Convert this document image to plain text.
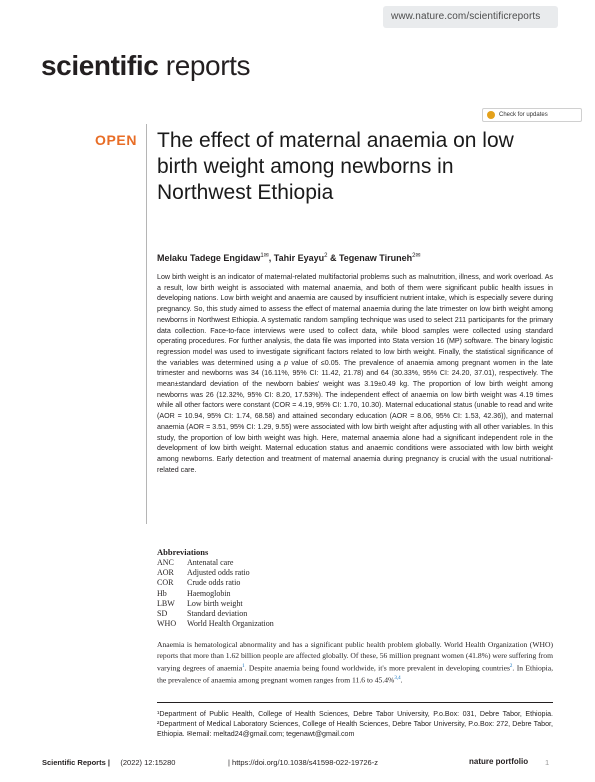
www.nature.com/scientificreports
scientific reports
Check for updates
OPEN The effect of maternal anaemia on low birth weight among newborns in Northwest Ethiopia
Melaku Tadege Engidaw$^{1✉}$, Tahir Eyayu$^2$ & Tegenaw Tiruneh$^{2✉}$
Low birth weight is an indicator of maternal-related multifactorial problems such as malnutrition, illness, and work overload. As a result, low birth weight is associated with maternal anaemia, and both of them were significant public health issues in developing nations. Low birth weight and anaemia are caused by insufficient nutrient intake, which is especially severe during pregnancy. So, this study aimed to assess the effect of maternal anaemia during the late trimester on low birth weight among newborns in Northwest Ethiopia. A systematic random sampling technique was used to select 211 participants for the primary data collection. Face-to-face interviews were used to collect data, while blood samples were collected using standard operating procedures. For further analysis, the data file was imported into Stata version 16 (MP) software. The binary logistic regression model was used to investigate significant factors related to low birth weight. Finally, the statistical significance of the variables was determined using a p value of ≤0.05. The prevalence of anaemia among pregnant women in the late trimester and newborns was 34 (16.11%, 95% CI: 11.42, 21.78) and 64 (30.33%, 95% CI: 24.20, 37.01), respectively. The mean±standard deviation of the newborn babies' weight was 3.19±0.49 kg. The proportion of low birth weight among newborns was 26 (12.32%, 95% CI: 8.20, 17.53%). The independent effect of anaemia on low birth weight was 4.19 times while all other factors were constant (COR = 4.19, 95% CI: 1.70, 10.30). Maternal educational status (unable to read and write (AOR = 10.94, 95% CI: 1.74, 68.58) and attained secondary education (AOR = 8.06, 95% CI: 1.53, 42.36)), and maternal anaemia (AOR = 3.51, 95% CI: 1.29, 9.55) were associated with low birth weight after adjusting with all other variables. In this study, the proportion of low birth weight was high. Here, maternal anaemia alone had a significant independent role in the development of low birth weight. Maternal education status and anaemic conditions were associated with low birth weight among newborns. Early detection and treatment of maternal anaemia during pregnancy is crucial with the usual nutritional-related care.
Abbreviations
ANC	Antenatal care
AOR	Adjusted odds ratio
COR	Crude odds ratio
Hb	Haemoglobin
LBW	Low birth weight
SD	Standard deviation
WHO	World Health Organization
Anaemia is hematological abnormality and has a significant public health problem globally. World Health Organization (WHO) reports that more than 1.62 billion people are affected globally. Of these, 56 million pregnant women (41.8%) were suffering from varying degrees of anaemia$^1$. Despite anaemia being found worldwide, it's more prevalent in developing countries$^2$. In Ethiopia, the prevalence of anaemia among pregnant women ranges from 11.6 to 45.4%$^{3,4}$.
¹Department of Public Health, College of Health Sciences, Debre Tabor University, P.o.Box: 031, Debre Tabor, Ethiopia. ²Department of Medical Laboratory Sciences, College of Health Sciences, Debre Tabor University, P.o.Box: 272, Debre Tabor, Ethiopia. ✉email: meltad24@gmail.com; tegenawt@gmail.com
Scientific Reports | (2022) 12:15280	| https://doi.org/10.1038/s41598-022-19726-z	nature portfolio 1
